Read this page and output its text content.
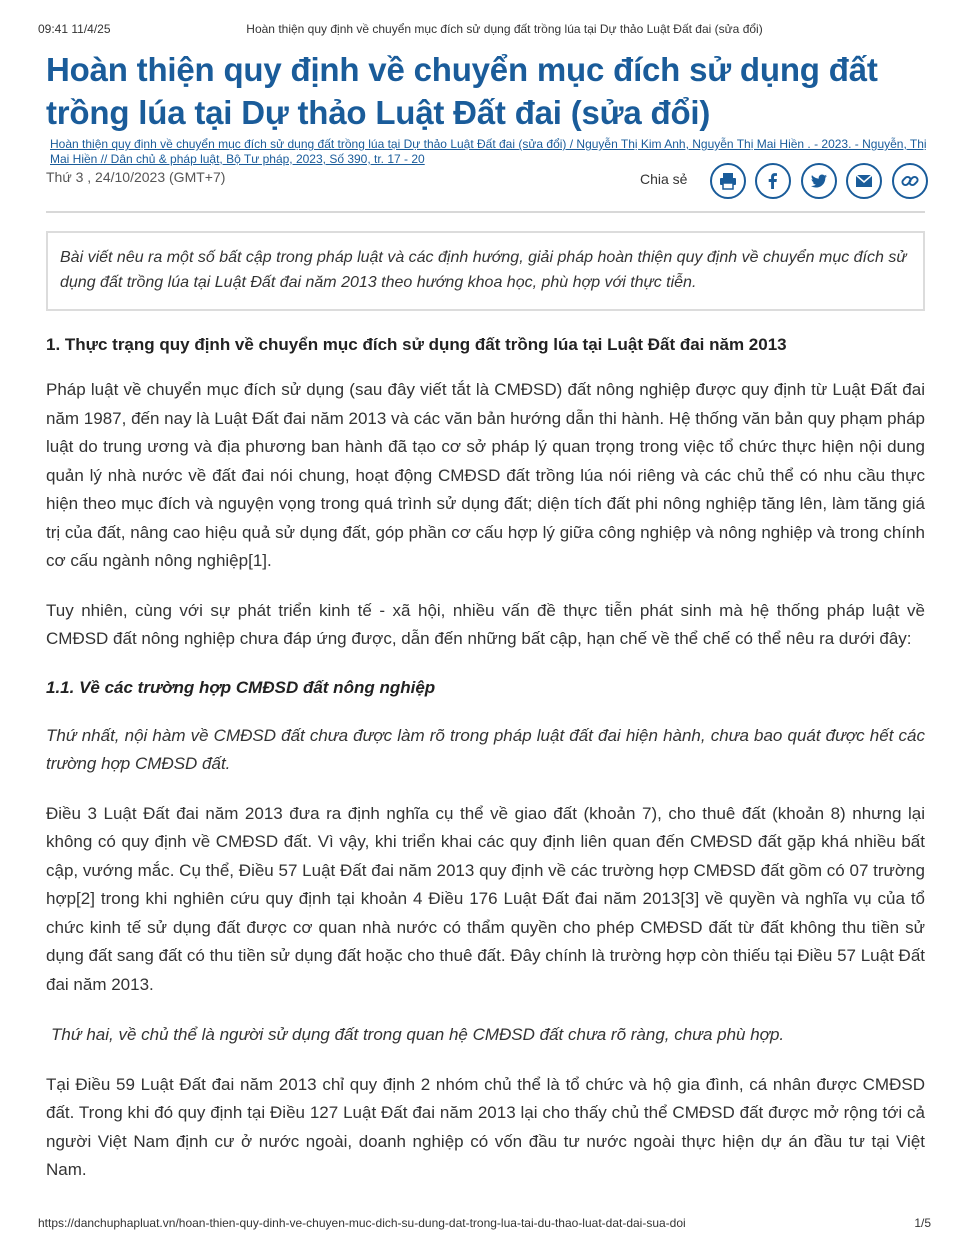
09:41 11/4/25	Hoàn thiện quy định về chuyển mục đích sử dụng đất trồng lúa tại Dự thảo Luật Đất đai (sửa đổi)
Hoàn thiện quy định về chuyển mục đích sử dụng đất trồng lúa tại Dự thảo Luật Đất đai (sửa đổi)
Hoàn thiện quy định về chuyển mục đích sử dụng đất trồng lúa tại Dự thảo Luật Đất đai (sửa đổi) / Nguyễn Thị Kim Anh, Nguyễn Thị Mai Hiền . - 2023. - Nguyễn, Thị Mai Hiền // Dân chủ & pháp luật, Bộ Tư pháp, 2023, Số 390, tr. 17 - 20
Thứ 3 , 24/10/2023 (GMT+7)	Chia sẻ

Bài viết nêu ra một số bất cập trong pháp luật và các định hướng, giải pháp hoàn thiện quy định về chuyển mục đích sử dụng đất trồng lúa tại Luật Đất đai năm 2013 theo hướng khoa học, phù hợp với thực tiễn.
1. Thực trạng quy định về chuyển mục đích sử dụng đất trồng lúa tại Luật Đất đai năm 2013

Pháp luật về chuyển mục đích sử dụng (sau đây viết tắt là CMĐSD) đất nông nghiệp được quy định từ Luật Đất đai năm 1987, đến nay là Luật Đất đai năm 2013 và các văn bản hướng dẫn thi hành. Hệ thống văn bản quy phạm pháp luật do trung ương và địa phương ban hành đã tạo cơ sở pháp lý quan trọng trong việc tổ chức thực hiện nội dung quản lý nhà nước về đất đai nói chung, hoạt động CMĐSD đất trồng lúa nói riêng và các chủ thể có nhu cầu thực hiện theo mục đích và nguyện vọng trong quá trình sử dụng đất; diện tích đất phi nông nghiệp tăng lên, làm tăng giá trị của đất, nâng cao hiệu quả sử dụng đất, góp phần cơ cấu hợp lý giữa công nghiệp và nông nghiệp và trong chính cơ cấu ngành nông nghiệp[1].

Tuy nhiên, cùng với sự phát triển kinh tế - xã hội, nhiều vấn đề thực tiễn phát sinh mà hệ thống pháp luật về CMĐSD đất nông nghiệp chưa đáp ứng được, dẫn đến những bất cập, hạn chế về thể chế có thể nêu ra dưới đây:

1.1. Về các trường hợp CMĐSD đất nông nghiệp

Thứ nhất, nội hàm về CMĐSD đất chưa được làm rõ trong pháp luật đất đai hiện hành, chưa bao quát được hết các trường hợp CMĐSD đất.

Điều 3 Luật Đất đai năm 2013 đưa ra định nghĩa cụ thể về giao đất (khoản 7), cho thuê đất (khoản 8) nhưng lại không có quy định về CMĐSD đất. Vì vậy, khi triển khai các quy định liên quan đến CMĐSD đất gặp khá nhiều bất cập, vướng mắc. Cụ thể, Điều 57 Luật Đất đai năm 2013 quy định về các trường hợp CMĐSD đất gồm có 07 trường hợp[2] trong khi nghiên cứu quy định tại khoản 4 Điều 176 Luật Đất đai năm 2013[3] về quyền và nghĩa vụ của tổ chức kinh tế sử dụng đất được cơ quan nhà nước có thẩm quyền cho phép CMĐSD đất từ đất không thu tiền sử dụng đất sang đất có thu tiền sử dụng đất hoặc cho thuê đất. Đây chính là trường hợp còn thiếu tại Điều 57 Luật Đất đai năm 2013.

Thứ hai, về chủ thể là người sử dụng đất trong quan hệ CMĐSD đất chưa rõ ràng, chưa phù hợp.

Tại Điều 59 Luật Đất đai năm 2013 chỉ quy định 2 nhóm chủ thể là tổ chức và hộ gia đình, cá nhân được CMĐSD đất. Trong khi đó quy định tại Điều 127 Luật Đất đai năm 2013 lại cho thấy chủ thể CMĐSD đất được mở rộng tới cả người Việt Nam định cư ở nước ngoài, doanh nghiệp có vốn đầu tư nước ngoài thực hiện dự án đầu tư tại Việt Nam.

https://danchuphapluat.vn/hoan-thien-quy-dinh-ve-chuyen-muc-dich-su-dung-dat-trong-lua-tai-du-thao-luat-dat-dai-sua-doi	1/5
